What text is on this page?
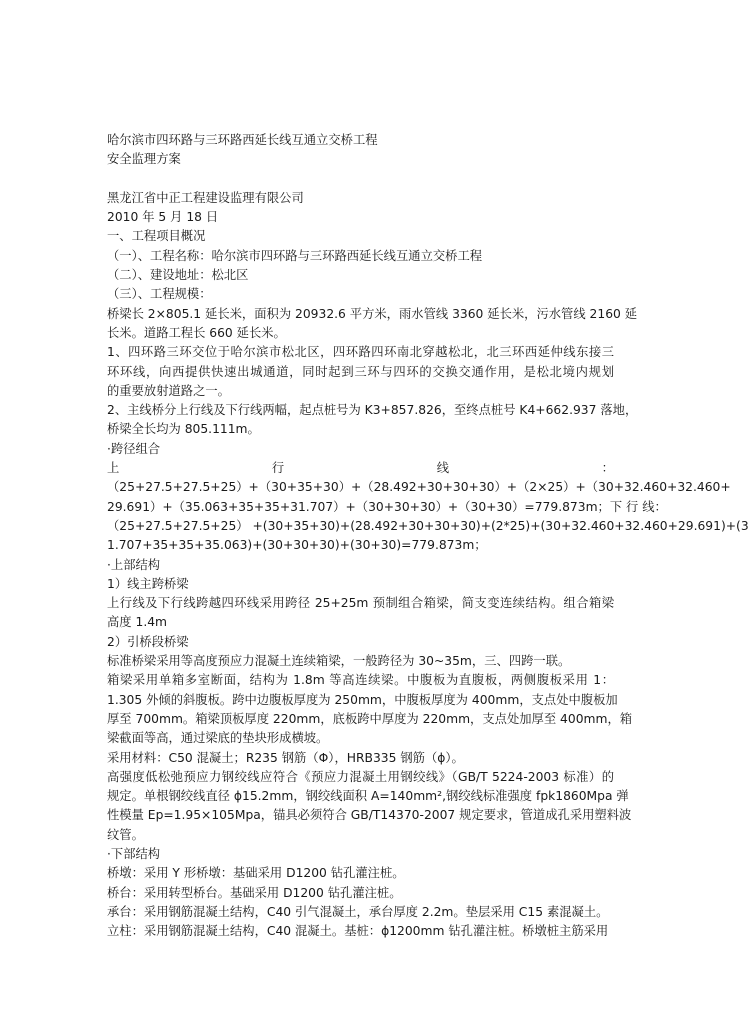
哈尔滨市四环路与三环路西延长线互通立交桥工程
安全监理方案
黑龙江省中正工程建设监理有限公司
2010 年 5 月 18 日
一、工程项目概况
（一）、工程名称：哈尔滨市四环路与三环路西延长线互通立交桥工程
（二）、建设地址：松北区
（三）、工程规模：
桥梁长 2×805.1 延长米，面积为 20932.6 平方米，雨水管线 3360 延长米，污水管线 2160 延
长米。道路工程长 660 延长米。
1、四环路三环交位于哈尔滨市松北区，四环路四环南北穿越松北，北三环西延仲线东接三
环环线，向西提供快速出城通道，同时起到三环与四环的交换交通作用，是松北境内规划
的重要放射道路之一。
2、主线桥分上行线及下行线两幅，起点桩号为 K3+857.826，至终点桩号 K4+662.937 落地，
桥梁全长均为 805.111m。
·跨径组合
上	行	线	：
（25+27.5+27.5+25）+（30+35+30）+（28.492+30+30+30）+（2×25）+（30+32.460+32.460+
29.691）+（35.063+35+35+31.707）+（30+30+30）+（30+30）=779.873m；下 行 线：
（25+27.5+27.5+25） +(30+35+30)+(28.492+30+30+30)+(2*25)+(30+32.460+32.460+29.691)+(3
1.707+35+35+35.063)+(30+30+30)+(30+30)=779.873m；
·上部结构
1）线主跨桥梁
上行线及下行线跨越四环线采用跨径 25+25m 预制组合箱梁，简支变连续结构。组合箱梁
高度 1.4m
2）引桥段桥梁
标准桥梁采用等高度预应力混凝土连续箱梁，一般跨径为 30~35m，三、四跨一联。
箱梁采用单箱多室断面，结构为 1.8m 等高连续梁。中腹板为直腹板，两侧腹板采用 1：
1.305 外倾的斜腹板。跨中边腹板厚度为 250mm，中腹板厚度为 400mm，支点处中腹板加
厚至 700mm。箱梁顶板厚度 220mm，底板跨中厚度为 220mm，支点处加厚至 400mm，箱
梁截面等高，通过梁底的垫块形成横坡。
采用材料：C50 混凝土；R235 钢筋（Φ），HRB335 钢筋（ϕ）。
高强度低松弛预应力钢绞线应符合《预应力混凝土用钢绞线》（GB/T 5224-2003 标准）的
规定。单根钢绞线直径 ϕ15.2mm，钢绞线面积 A=140mm²,钢绞线标准强度 fpk1860Mpa 弹
性模量 Ep=1.95×105Mpa，锚具必须符合 GB/T14370-2007 规定要求，管道成孔采用塑料波
纹管。
·下部结构
桥墩：采用 Y 形桥墩：基础采用 D1200 钻孔灌注桩。
桥台：采用转型桥台。基础采用 D1200 钻孔灌注桩。
承台：采用钢筋混凝土结构，C40 引气混凝土，承台厚度 2.2m。垫层采用 C15 素混凝土。
立柱：采用钢筋混凝土结构，C40 混凝土。基桩：ϕ1200mm 钻孔灌注桩。桥墩桩主筋采用
